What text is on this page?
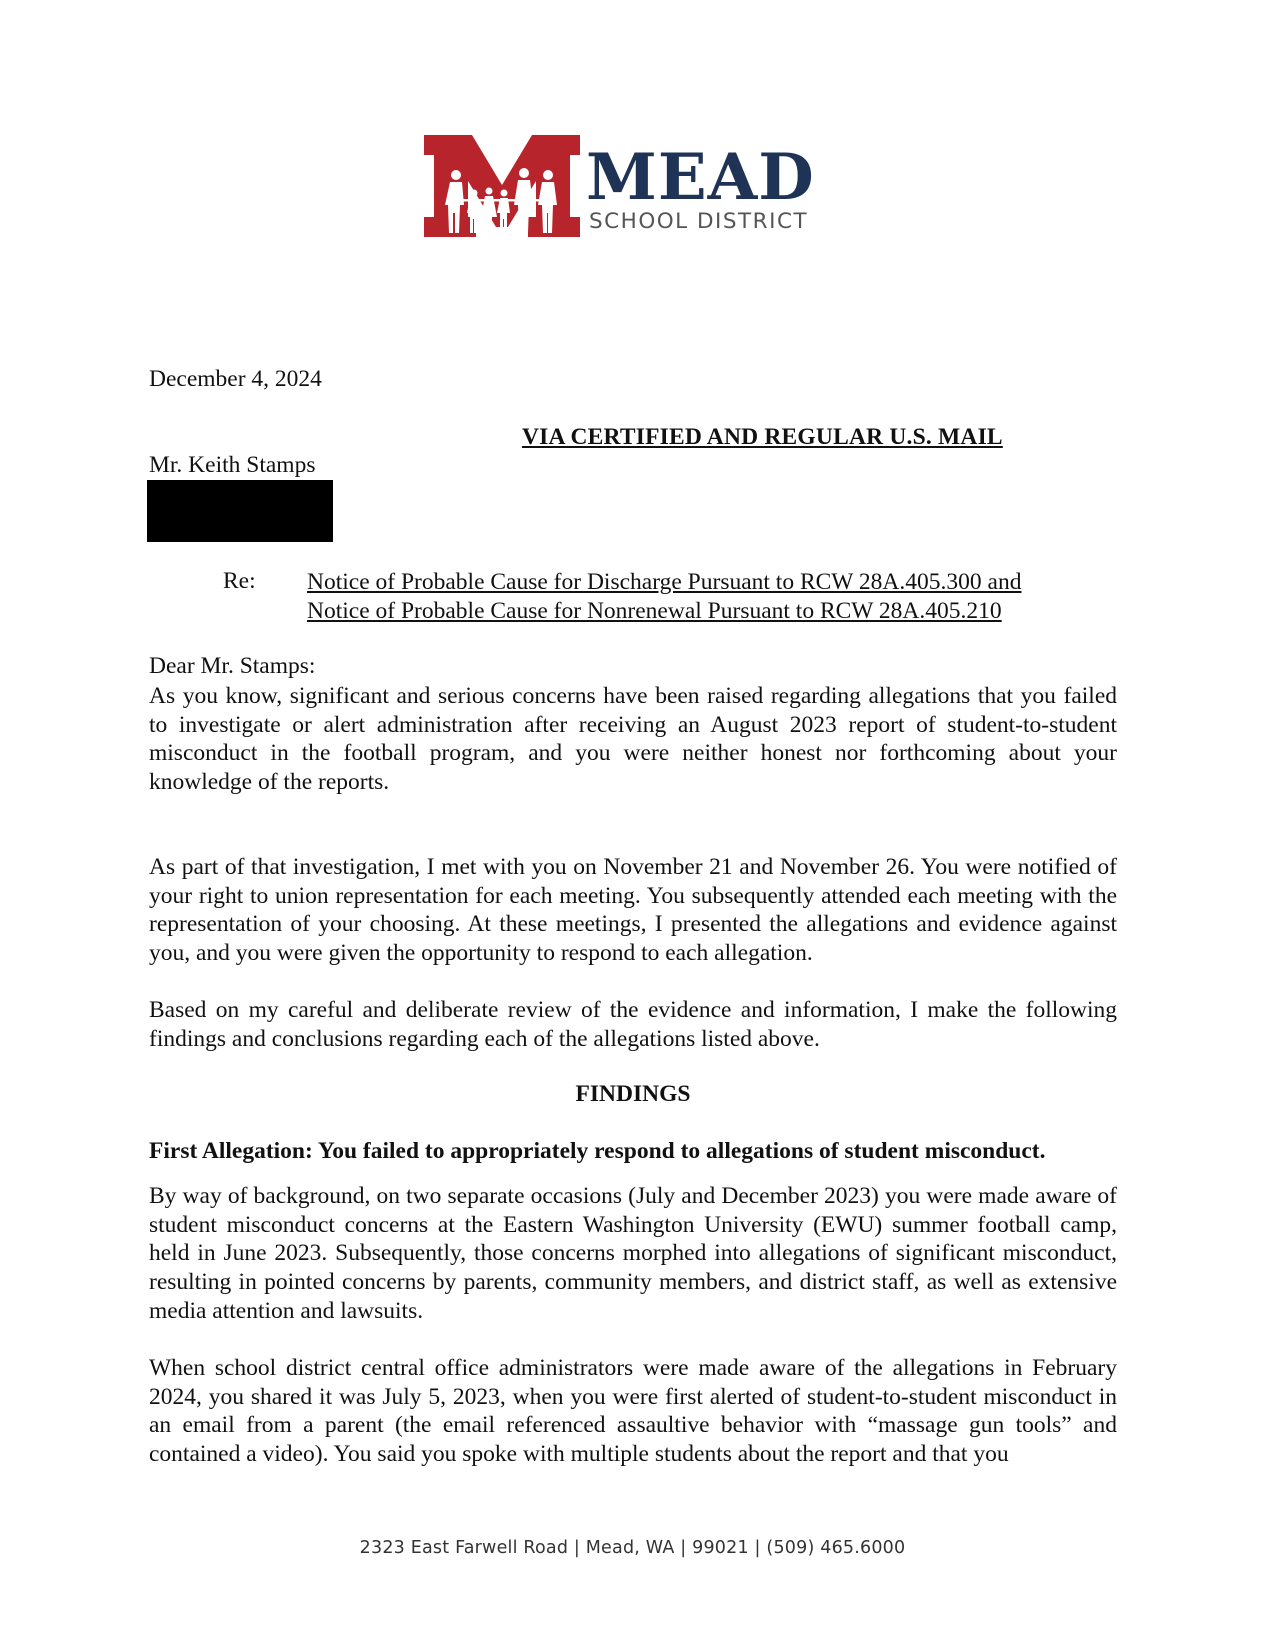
MEAD
SCHOOL DISTRICT
December 4, 2024
VIA CERTIFIED AND REGULAR U.S. MAIL
Mr. Keith Stamps
Re: Notice of Probable Cause for Discharge Pursuant to RCW 28A.405.300 and
Notice of Probable Cause for Nonrenewal Pursuant to RCW 28A.405.210
Dear Mr. Stamps:

As you know, significant and serious concerns have been raised regarding allegations that you failed to investigate or alert administration after receiving an August 2023 report of student-to-student misconduct in the football program, and you were neither honest nor forthcoming about your knowledge of the reports.

As part of that investigation, I met with you on November 21 and November 26. You were notified of your right to union representation for each meeting. You subsequently attended each meeting with the representation of your choosing. At these meetings, I presented the allegations and evidence against you, and you were given the opportunity to respond to each allegation.

Based on my careful and deliberate review of the evidence and information, I make the following findings and conclusions regarding each of the allegations listed above.

FINDINGS
First Allegation: You failed to appropriately respond to allegations of student misconduct.

By way of background, on two separate occasions (July and December 2023) you were made aware of student misconduct concerns at the Eastern Washington University (EWU) summer football camp, held in June 2023. Subsequently, those concerns morphed into allegations of significant misconduct, resulting in pointed concerns by parents, community members, and district staff, as well as extensive media attention and lawsuits.

When school district central office administrators were made aware of the allegations in February 2024, you shared it was July 5, 2023, when you were first alerted of student-to-student misconduct in an email from a parent (the email referenced assaultive behavior with “massage gun tools” and contained a video). You said you spoke with multiple students about the report and that you

2323 East Farwell Road | Mead, WA | 99021 | (509) 465.6000
